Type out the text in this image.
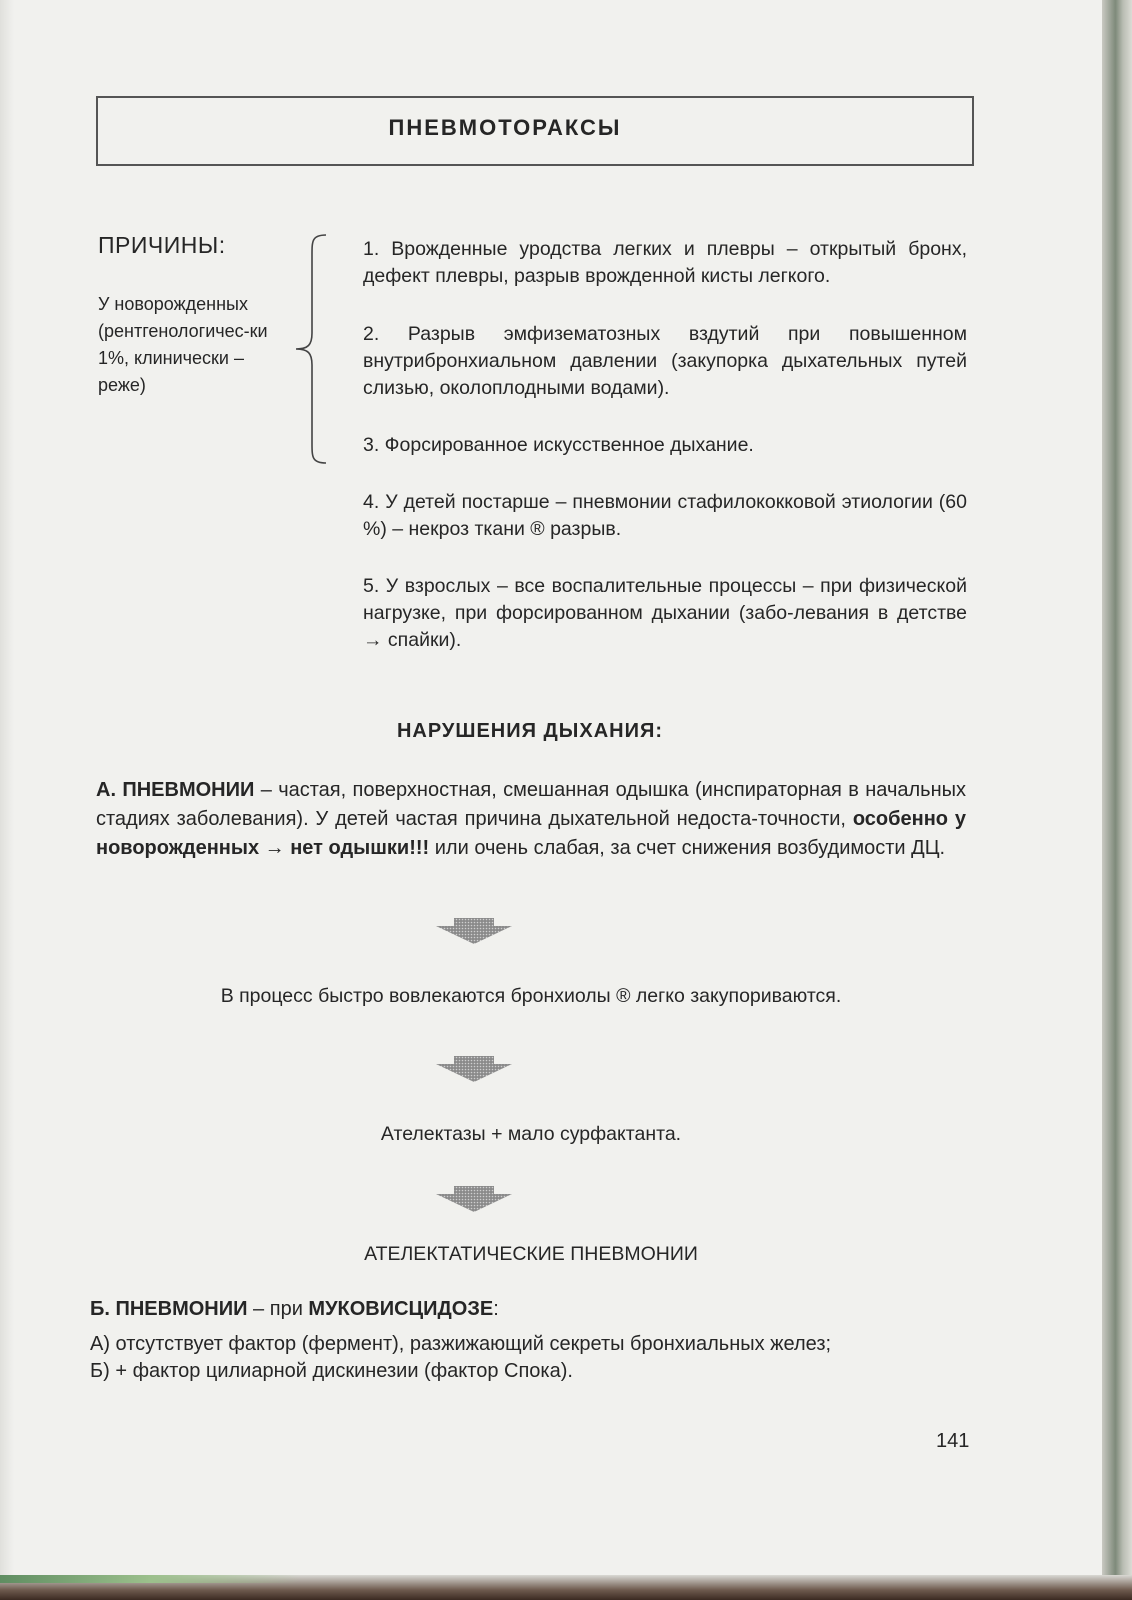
ПНЕВМОТОРАКСЫ
ПРИЧИНЫ:
У новорожденных (рентгенологичес-ки 1%, клинически – реже)
1. Врожденные уродства легких и плевры – открытый бронх, дефект плевры, разрыв врожденной кисты легкого.
2. Разрыв эмфизематозных вздутий при повышенном внутрибронхиальном давлении (закупорка дыхательных путей слизью, околоплодными водами).
3. Форсированное искусственное дыхание.
4. У детей постарше – пневмонии стафилококковой этиологии (60 %) – некроз ткани ® разрыв.
5. У взрослых – все воспалительные процессы – при физической нагрузке, при форсированном дыхании (забо-левания в детстве → спайки).
НАРУШЕНИЯ ДЫХАНИЯ:
А. ПНЕВМОНИИ – частая, поверхностная, смешанная одышка (инспираторная в начальных стадиях заболевания). У детей частая причина дыхательной недоста-точности, особенно у новорожденных → нет одышки!!! или очень слабая, за счет снижения возбудимости ДЦ.
В процесс быстро вовлекаются бронхиолы ® легко закупориваются.
Ателектазы + мало сурфактанта.
АТЕЛЕКТАТИЧЕСКИЕ ПНЕВМОНИИ
Б. ПНЕВМОНИИ – при МУКОВИСЦИДОЗЕ:
А) отсутствует фактор (фермент), разжижающий секреты бронхиальных желез;
Б) + фактор цилиарной дискинезии (фактор Спока).
141
